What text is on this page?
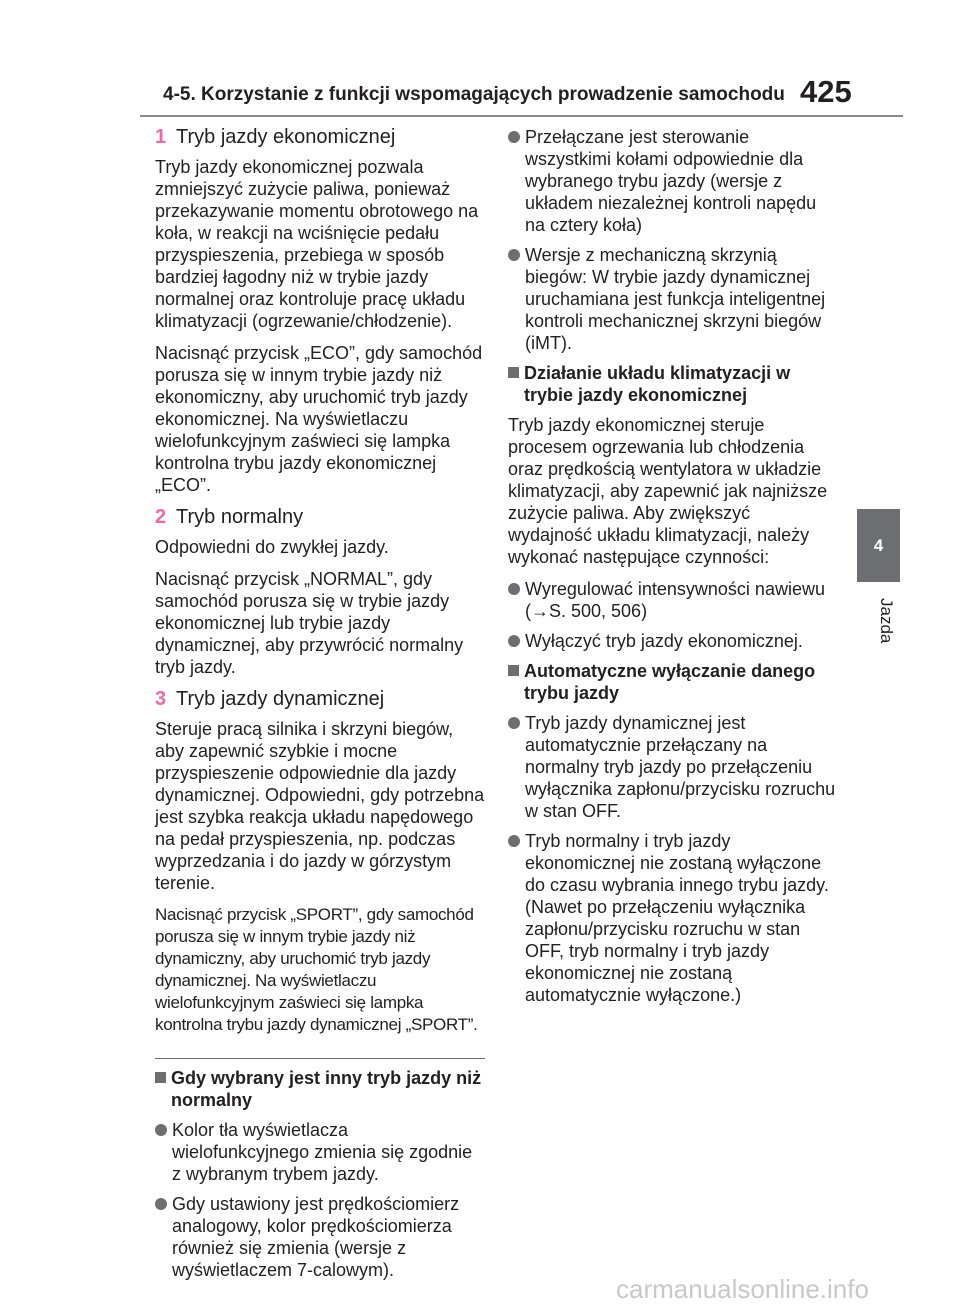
4-5. Korzystanie z funkcji wspomagających prowadzenie samochodu 425
4
Jazda
1 Tryb jazdy ekonomicznej

Tryb jazdy ekonomicznej pozwala zmniejszyć zużycie paliwa, ponieważ przekazywanie momentu obrotowego na koła, w reakcji na wciśnięcie pedału przyspieszenia, przebiega w sposób bardziej łagodny niż w trybie jazdy normalnej oraz kontroluje pracę układu klimatyzacji (ogrzewanie/chłodzenie).

Nacisnąć przycisk „ECO”, gdy samochód porusza się w innym trybie jazdy niż ekonomiczny, aby uruchomić tryb jazdy ekonomicznej. Na wyświetlaczu wielofunkcyjnym zaświeci się lampka kontrolna trybu jazdy ekonomicznej „ECO”.

2 Tryb normalny

Odpowiedni do zwykłej jazdy.

Nacisnąć przycisk „NORMAL”, gdy samochód porusza się w trybie jazdy ekonomicznej lub trybie jazdy dynamicznej, aby przywrócić normalny tryb jazdy.

3 Tryb jazdy dynamicznej

Steruje pracą silnika i skrzyni biegów, aby zapewnić szybkie i mocne przyspieszenie odpowiednie dla jazdy dynamicznej. Odpowiedni, gdy potrzebna jest szybka reakcja układu napędowego na pedał przyspieszenia, np. podczas wyprzedzania i do jazdy w górzystym terenie.

Nacisnąć przycisk „SPORT”, gdy samochód porusza się w innym trybie jazdy niż dynamiczny, aby uruchomić tryb jazdy dynamicznej. Na wyświetlaczu wielofunkcyjnym zaświeci się lampka kontrolna trybu jazdy dynamicznej „SPORT”.

Gdy wybrany jest inny tryb jazdy niż normalny
Kolor tła wyświetlacza wielofunkcyjnego zmienia się zgodnie z wybranym trybem jazdy.
Gdy ustawiony jest prędkościomierz analogowy, kolor prędkościomierza również się zmienia (wersje z wyświetlaczem 7-calowym).
Przełączane jest sterowanie wszystkimi kołami odpowiednie dla wybranego trybu jazdy (wersje z układem niezależnej kontroli napędu na cztery koła)
Wersje z mechaniczną skrzynią biegów: W trybie jazdy dynamicznej uruchamiana jest funkcja inteligentnej kontroli mechanicznej skrzyni biegów (iMT).
Działanie układu klimatyzacji w trybie jazdy ekonomicznej

Tryb jazdy ekonomicznej steruje procesem ogrzewania lub chłodzenia oraz prędkością wentylatora w układzie klimatyzacji, aby zapewnić jak najniższe zużycie paliwa. Aby zwiększyć wydajność układu klimatyzacji, należy wykonać następujące czynności:

Wyregulować intensywności nawiewu (→S. 500, 506)
Wyłączyć tryb jazdy ekonomicznej.
Automatyczne wyłączanie danego trybu jazdy
Tryb jazdy dynamicznej jest automatycznie przełączany na normalny tryb jazdy po przełączeniu wyłącznika zapłonu/przycisku rozruchu w stan OFF.
Tryb normalny i tryb jazdy ekonomicznej nie zostaną wyłączone do czasu wybrania innego trybu jazdy. (Nawet po przełączeniu wyłącznika zapłonu/przycisku rozruchu w stan OFF, tryb normalny i tryb jazdy ekonomicznej nie zostaną automatycznie wyłączone.)
carmanualsonline.info
